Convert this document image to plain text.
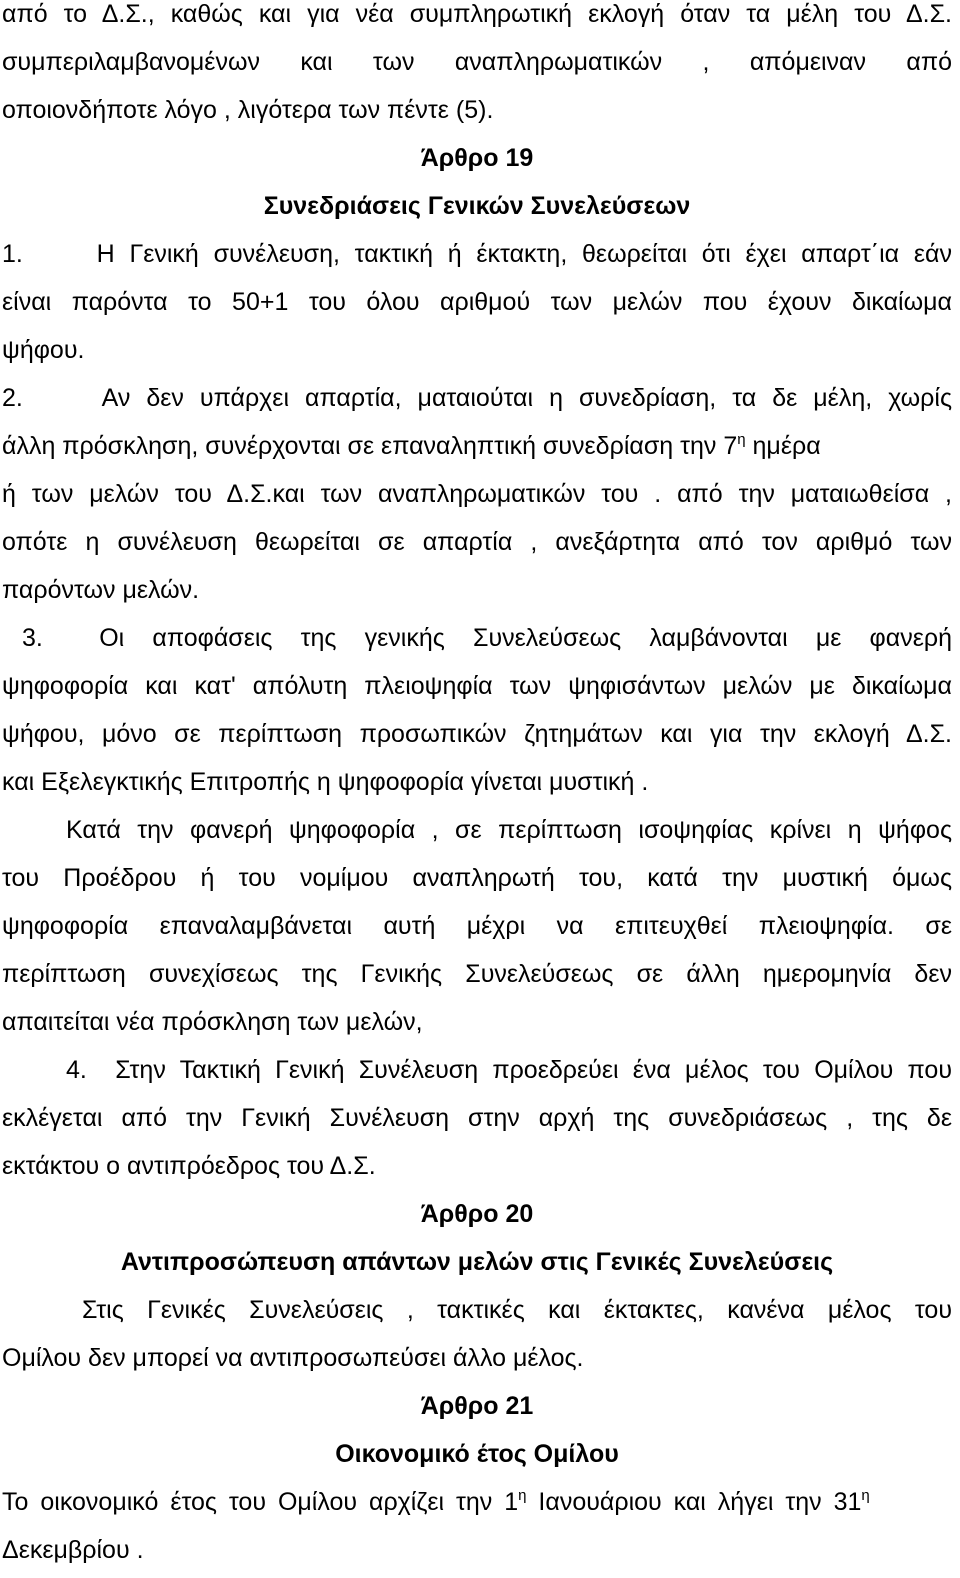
από το Δ.Σ., καθώς και για νέα συμπληρωτική εκλογή όταν τα μέλη του Δ.Σ.
συμπεριλαμβανομένων και των αναπληρωματικών , απόμειναν από
οποιονδήποτε λόγο , λιγότερα των πέντε (5).
Άρθρο 19
Συνεδριάσεις Γενικών Συνελεύσεων
1.     Η Γενική συνέλευση, τακτική ή έκτακτη, θεωρείται ότι έχει απαρτ΄ια εάν
είναι παρόντα το 50+1 του όλου αριθμού των μελών που έχουν δικαίωμα
ψήφου.
2.     Αν δεν υπάρχει απαρτία, ματαιούται η συνεδρίαση, τα δε μέλη, χωρίς
άλλη πρόσκληση, συνέρχονται σε επαναληπτική συνεδρίαση την $7^\eta$ ημέρα
ή των μελών του Δ.Σ.και των αναπληρωματικών του . από την ματαιωθείσα ,
οπότε η συνέλευση θεωρείται σε απαρτία , ανεξάρτητα από τον αριθμό των
παρόντων μελών.
3.  Οι αποφάσεις της γενικής Συνελεύσεως λαμβάνονται με φανερή
ψηφοφορία και κατ' απόλυτη πλειοψηφία των ψηφισάντων μελών με δικαίωμα
ψήφου, μόνο σε περίπτωση προσωπικών ζητημάτων και για την εκλογή Δ.Σ.
και Εξελεγκτικής Επιτροπής η ψηφοφορία γίνεται μυστική .
Κατά την φανερή ψηφοφορία , σε περίπτωση ισοψηφίας κρίνει η ψήφος
του Προέδρου ή του νομίμου αναπληρωτή του, κατά την μυστική όμως
ψηφοφορία επαναλαμβάνεται αυτή μέχρι να επιτευχθεί πλειοψηφία. σε
περίπτωση συνεχίσεως της Γενικής Συνελεύσεως σε άλλη ημερομηνία δεν
απαιτείται νέα πρόσκληση των μελών,
4.  Στην Τακτική Γενική Συνέλευση προεδρεύει ένα μέλος του Ομίλου που
εκλέγεται από την Γενική Συνέλευση στην αρχή της συνεδριάσεως , της δε
εκτάκτου ο αντιπρόεδρος του Δ.Σ.
Άρθρο 20
Αντιπροσώπευση απάντων μελών στις Γενικές Συνελεύσεις
Στις Γενικές Συνελεύσεις , τακτικές και έκτακτες, κανένα μέλος του
Ομίλου δεν μπορεί να αντιπροσωπεύσει άλλο μέλος.
Άρθρο 21
Οικονομικό έτος Ομίλου
Το οικονομικό έτος του Ομίλου αρχίζει την $1^\eta$ Ιανουάριου και λήγει την $31^\eta$
Δεκεμβρίου .
